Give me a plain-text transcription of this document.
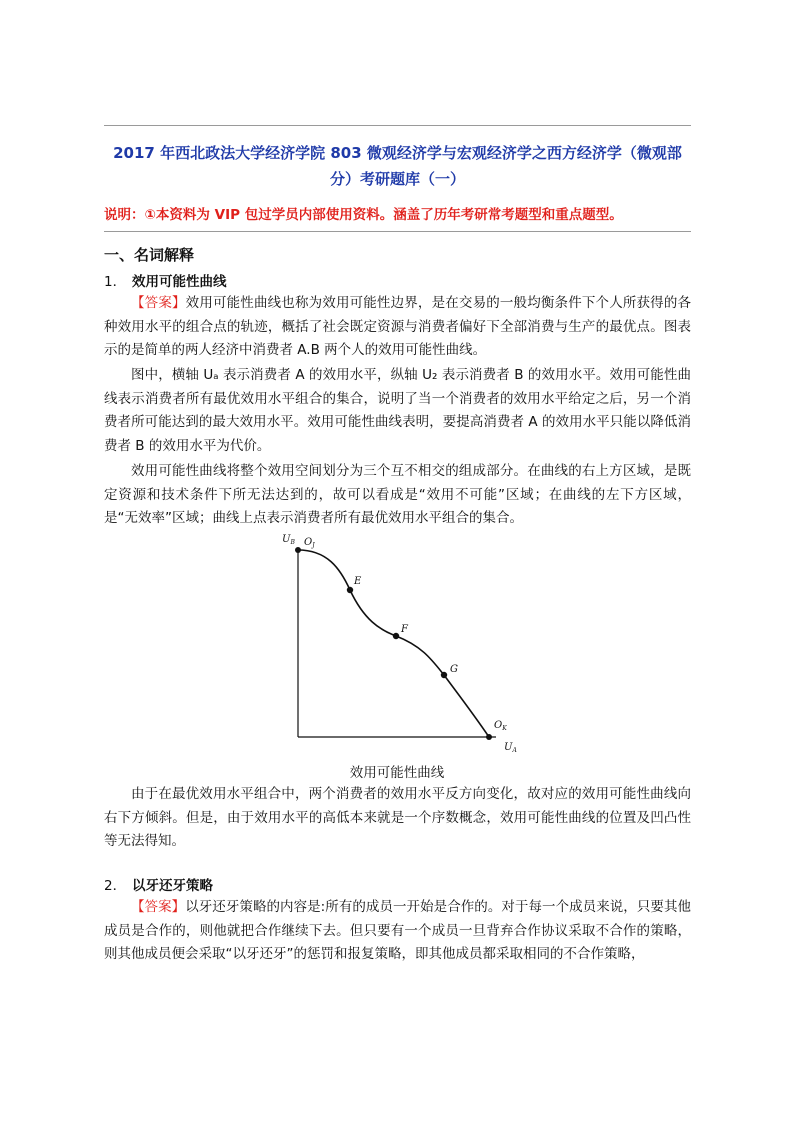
2017 年西北政法大学经济学院 803 微观经济学与宏观经济学之西方经济学（微观部分）考研题库（一）
说明：①本资料为 VIP 包过学员内部使用资料。涵盖了历年考研常考题型和重点题型。
一、名词解释
1． 效用可能性曲线
【答案】效用可能性曲线也称为效用可能性边界，是在交易的一般均衡条件下个人所获得的各种效用水平的组合点的轨迹，概括了社会既定资源与消费者偏好下全部消费与生产的最优点。图表示的是简单的两人经济中消费者 A.B 两个人的效用可能性曲线。
图中，横轴 Uₐ 表示消费者 A 的效用水平，纵轴 U₂ 表示消费者 B 的效用水平。效用可能性曲线表示消费者所有最优效用水平组合的集合，说明了当一个消费者的效用水平给定之后，另一个消费者所可能达到的最大效用水平。效用可能性曲线表明，要提高消费者 A 的效用水平只能以降低消费者 B 的效用水平为代价。
效用可能性曲线将整个效用空间划分为三个互不相交的组成部分。在曲线的右上方区域，是既定资源和技术条件下所无法达到的，故可以看成是“效用不可能”区域；在曲线的左下方区域，是“无效率”区域；曲线上点表示消费者所有最优效用水平组合的集合。
$U_B$
$U_A$
$O_J$
E
F
G
$O_K$
效用可能性曲线
由于在最优效用水平组合中，两个消费者的效用水平反方向变化，故对应的效用可能性曲线向右下方倾斜。但是，由于效用水平的高低本来就是一个序数概念，效用可能性曲线的位置及凹凸性等无法得知。
2． 以牙还牙策略
【答案】以牙还牙策略的内容是:所有的成员一开始是合作的。对于每一个成员来说，只要其他成员是合作的，则他就把合作继续下去。但只要有一个成员一旦背弃合作协议采取不合作的策略，则其他成员便会采取“以牙还牙”的惩罚和报复策略，即其他成员都采取相同的不合作策略，
